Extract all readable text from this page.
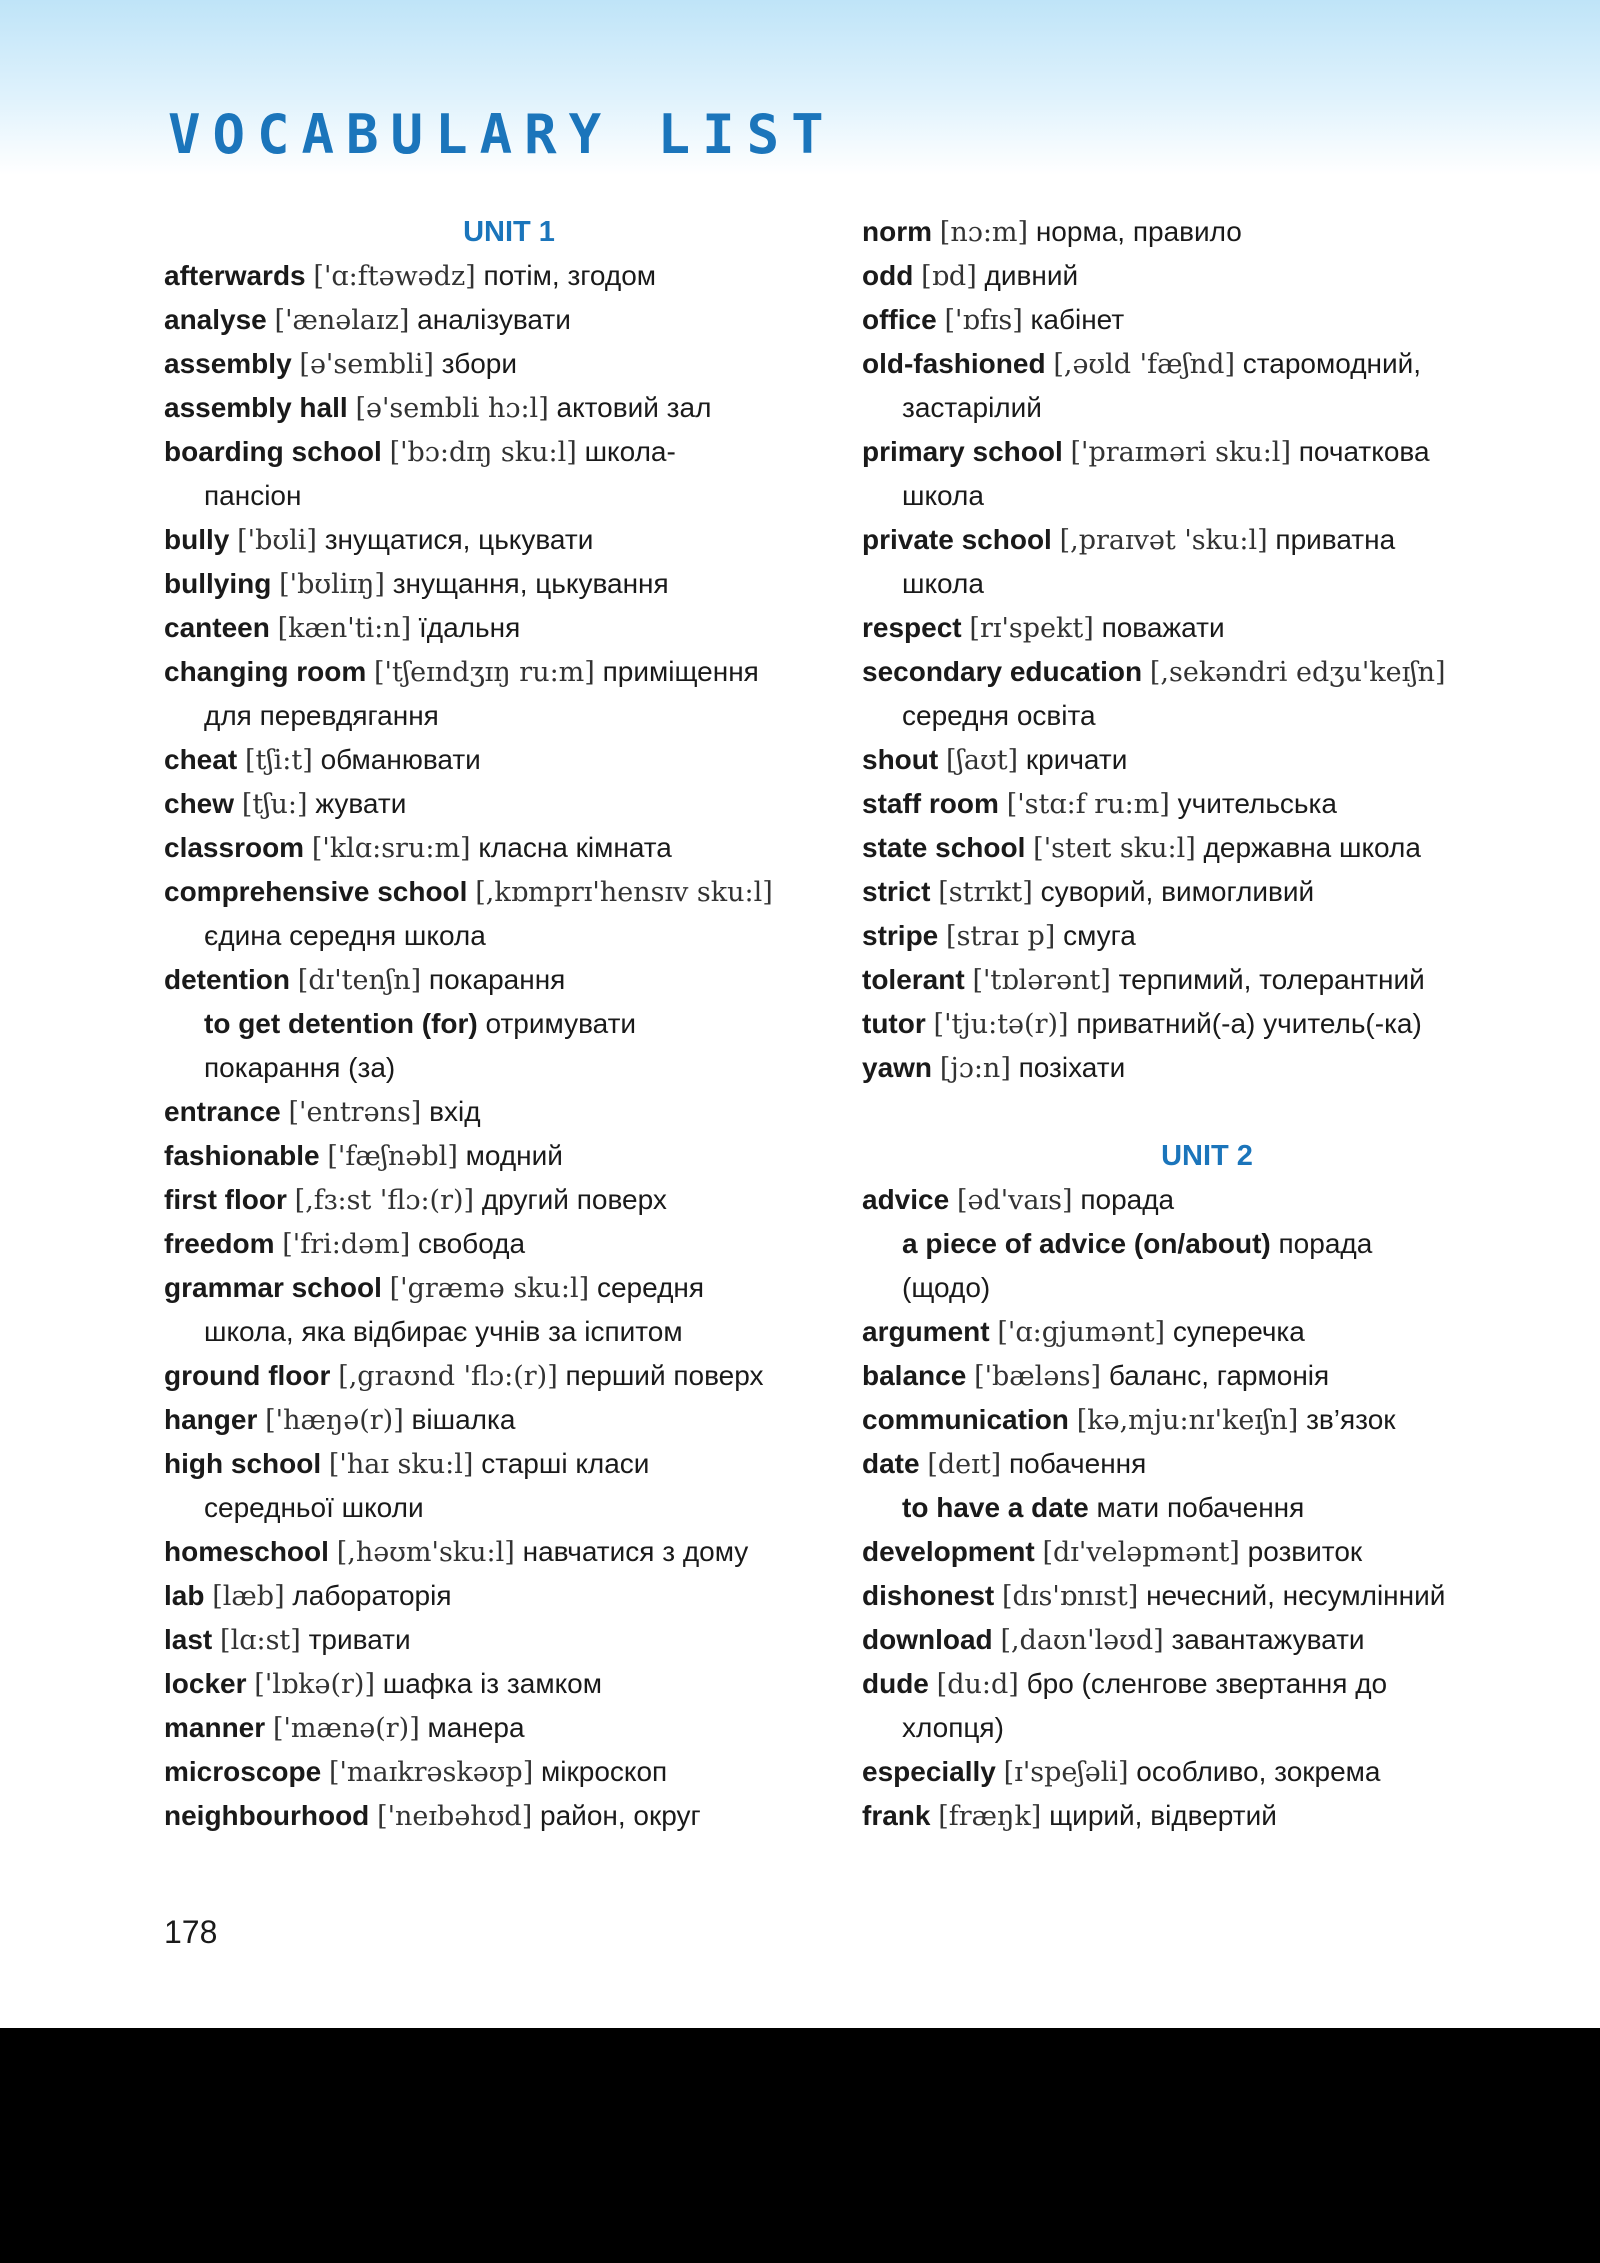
VOCABULARY LIST
UNIT 1
afterwards ['ɑ:ftəwədz] потім, згодом
analyse ['ænəlaɪz] аналізувати
assembly [ə'sembli] збори
assembly hall [ə'sembli hɔ:l] актовий зал
boarding school ['bɔ:dɪŋ sku:l] школа-
пансіон
bully ['bʊli] знущатися, цькувати
bullying ['bʊliɪŋ] знущання, цькування
canteen [kæn'ti:n] їдальня
changing room ['tʃeɪndʒɪŋ ru:m] приміщення
для перевдягання
cheat [tʃi:t] обманювати
chew [tʃu:] жувати
classroom ['klɑ:sru:m] класна кімната
comprehensive school [,kɒmprɪ'hensɪv sku:l]
єдина середня школа
detention [dɪ'tenʃn] покарання
to get detention (for) отримувати
покарання (за)
entrance ['entrəns] вхід
fashionable ['fæʃnəbl] модний
first floor [,fɜ:st 'flɔ:(r)] другий поверх
freedom ['fri:dəm] свобода
grammar school ['græmə sku:l] середня
школа, яка відбирає учнів за іспитом
ground floor [,graʊnd 'flɔ:(r)] перший поверх
hanger ['hæŋə(r)] вішалка
high school ['haɪ sku:l] старші класи
середньої школи
homeschool [,həʊm'sku:l] навчатися з дому
lab [læb] лабораторія
last [lɑ:st] тривати
locker ['lɒkə(r)] шафка із замком
manner ['mænə(r)] манера
microscope ['maɪkrəskəʊp] мікроскоп
neighbourhood ['neɪbəhʊd] район, округ
norm [nɔ:m] норма, правило
odd [ɒd] дивний
office ['ɒfɪs] кабінет
old-fashioned [,əʊld 'fæʃnd] старомодний,
застарілий
primary school ['praɪməri sku:l] початкова
школа
private school [,praɪvət 'sku:l] приватна
школа
respect [rɪ'spekt] поважати
secondary education [,sekəndri edʒu'keɪʃn]
середня освіта
shout [ʃaʊt] кричати
staff room ['stɑ:f ru:m] учительська
state school ['steɪt sku:l] державна школа
strict [strɪkt] суворий, вимогливий
stripe [straɪ p] смуга
tolerant ['tɒlərənt] терпимий, толерантний
tutor ['tju:tə(r)] приватний(-а) учитель(-ка)
yawn [jɔ:n] позіхати
UNIT 2
advice [əd'vaɪs] порада
a piece of advice (on/about) порада
(щодо)
argument ['ɑ:gjumənt] суперечка
balance ['bæləns] баланс, гармонія
communication [kə,mju:nɪ'keɪʃn] зв’язок
date [deɪt] побачення
to have a date мати побачення
development [dɪ'veləpmənt] розвиток
dishonest [dɪs'ɒnɪst] нечесний, несумлінний
download [,daʊn'ləʊd] завантажувати
dude [du:d] бро (сленгове звертання до
хлопця)
especially [ɪ'speʃəli] особливо, зокрема
frank [fræŋk] щирий, відвертий
178
